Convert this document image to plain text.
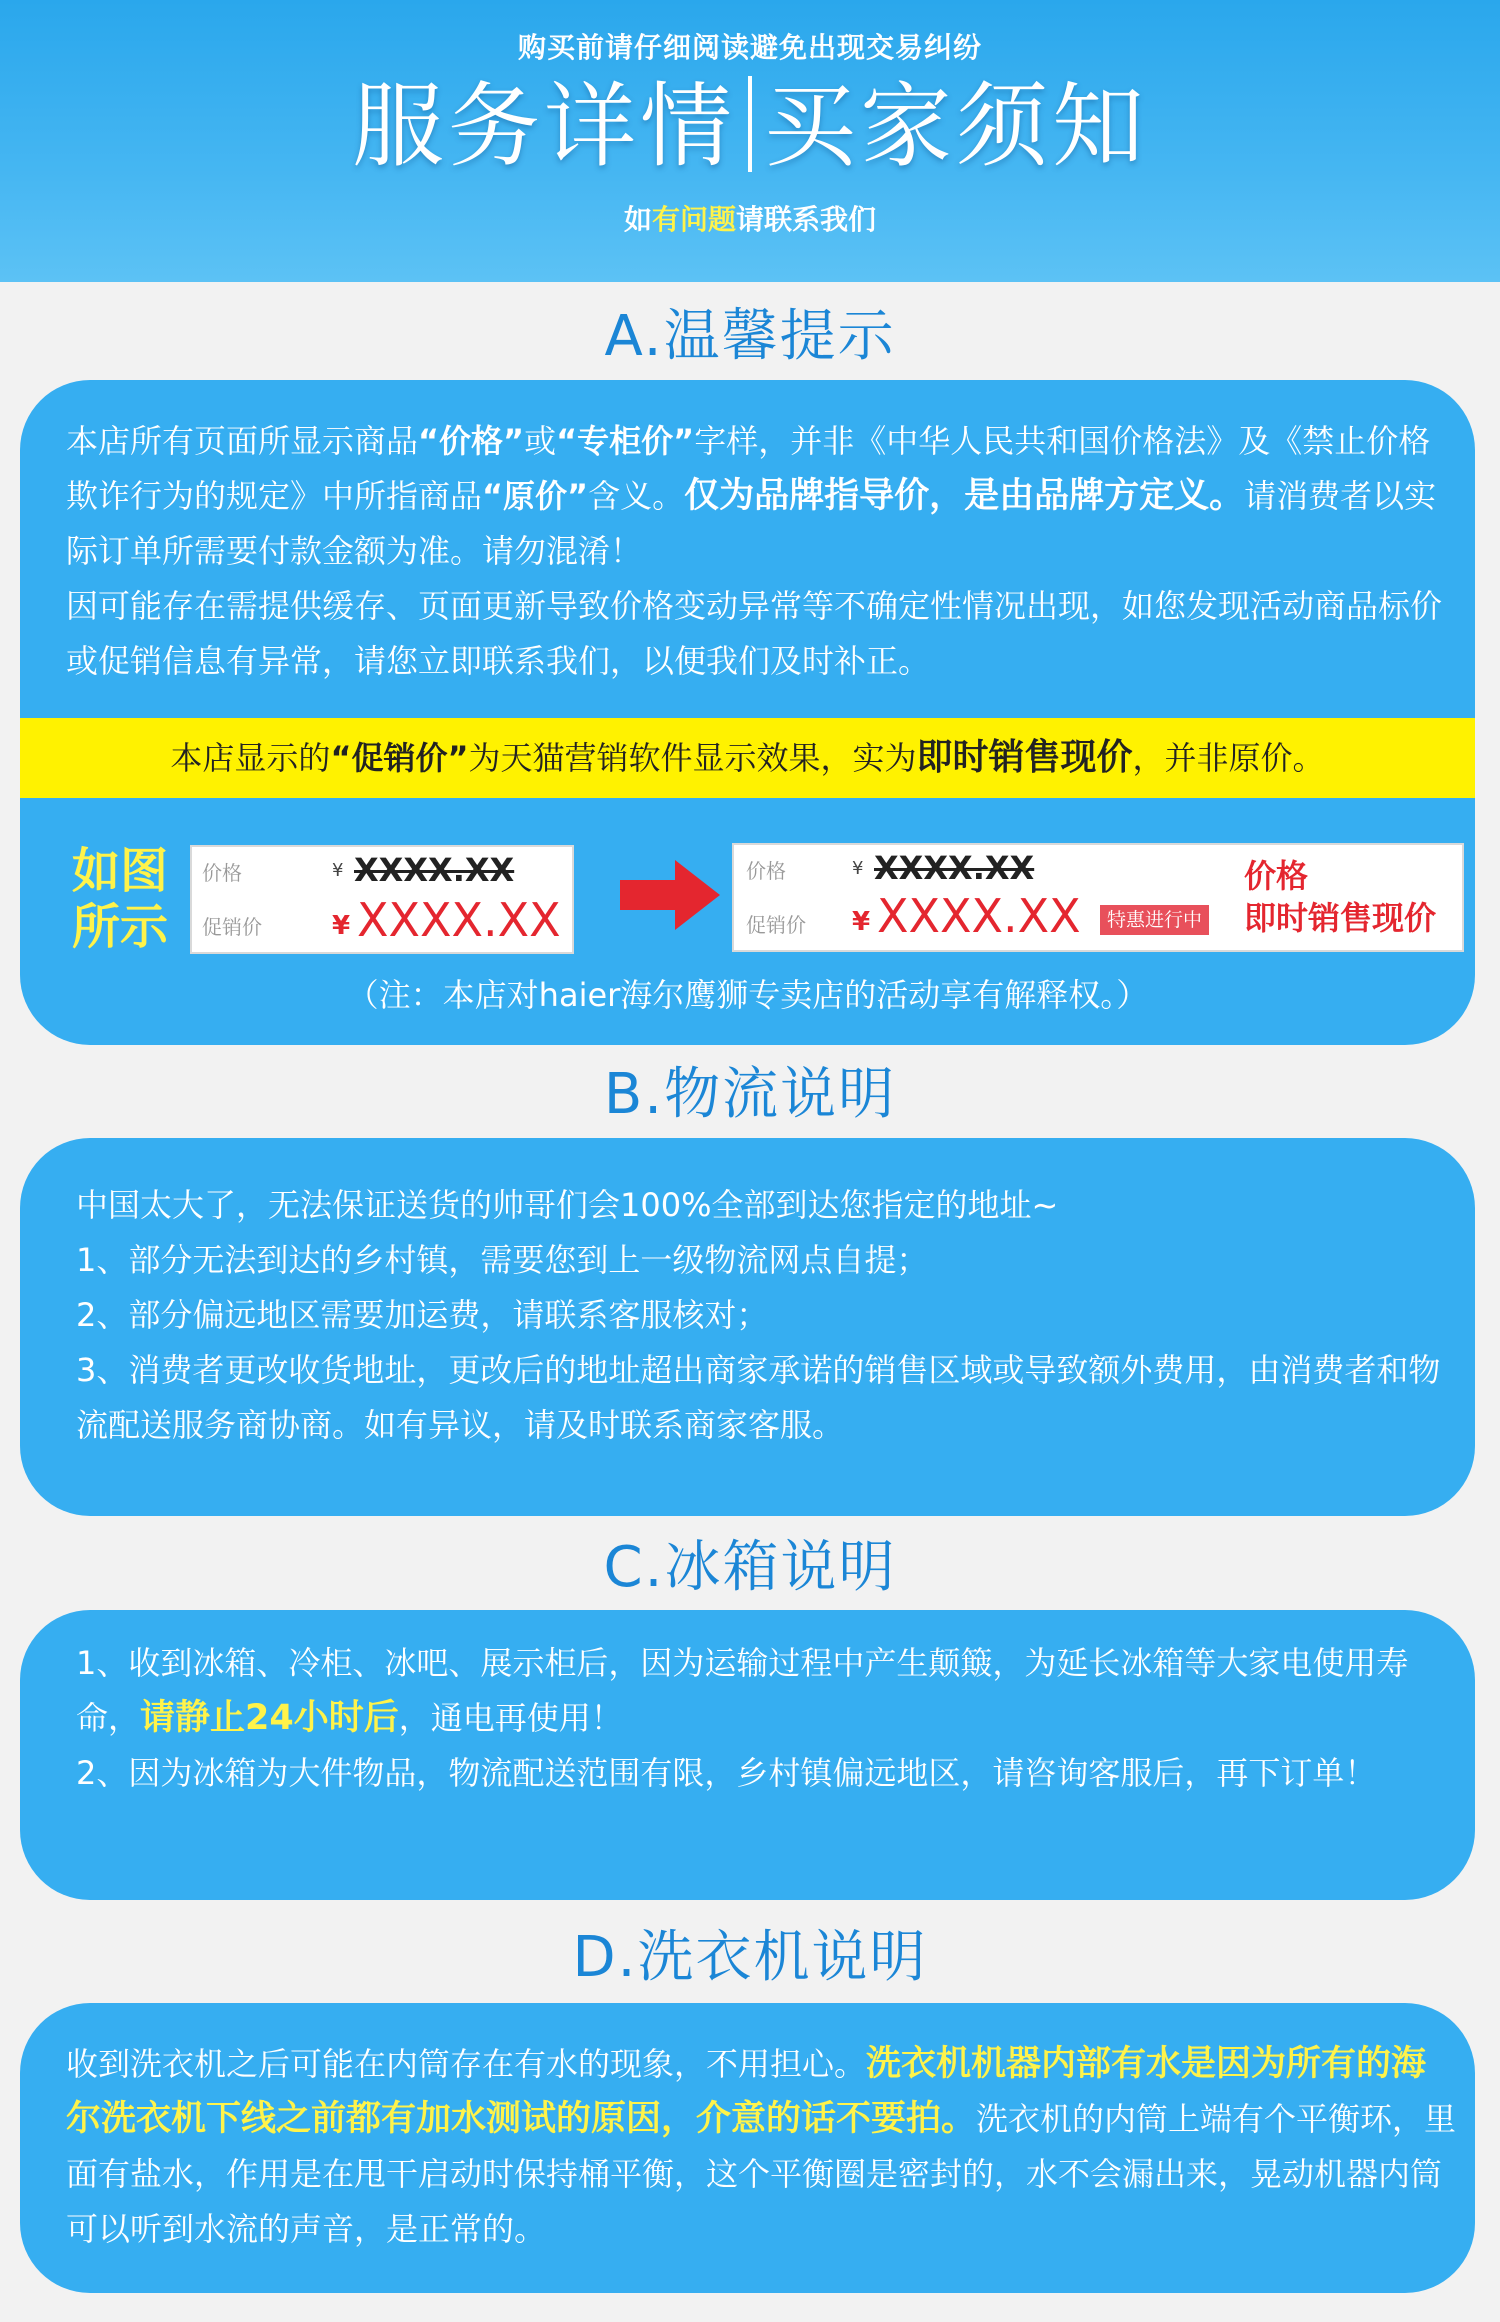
购买前请仔细阅读避免出现交易纠纷
服务详情 买家须知
如有问题请联系我们
A.温馨提示

本店所有页面所显示商品“价格”或“专柜价”字样，并非《中华人民共和国价格法》及《禁止价格欺诈行为的规定》中所指商品“原价”含义。仅为品牌指导价，是由品牌方定义。请消费者以实际订单所需要付款金额为准。请勿混淆！

因可能存在需提供缓存、页面更新导致价格变动异常等不确定性情况出现，如您发现活动商品标价或促销信息有异常，请您立即联系我们，以便我们及时补正。

本店显示的“促销价”为天猫营销软件显示效果，实为即时销售现价，并非原价。
如图
所示
价格	¥ XXXX.XX
促销价	¥ XXXX.XX
价格	¥ XXXX.XX
促销价 ¥ XXXX.XX	特惠进行中
价格
即时销售现价
（注：本店对haier海尔鹰狮专卖店的活动享有解释权。）
B.物流说明

中国太大了，无法保证送货的帅哥们会100%全部到达您指定的地址~

1、部分无法到达的乡村镇，需要您到上一级物流网点自提；

2、部分偏远地区需要加运费，请联系客服核对；

3、消费者更改收货地址，更改后的地址超出商家承诺的销售区域或导致额外费用，由消费者和物流配送服务商协商。如有异议，请及时联系商家客服。

C.冰箱说明

1、收到冰箱、冷柜、冰吧、展示柜后，因为运输过程中产生颠簸，为延长冰箱等大家电使用寿命，请静止24小时后，通电再使用！

2、因为冰箱为大件物品，物流配送范围有限，乡村镇偏远地区，请咨询客服后，再下订单！

D.洗衣机说明

收到洗衣机之后可能在内筒存在有水的现象，不用担心。洗衣机机器内部有水是因为所有的海尔洗衣机下线之前都有加水测试的原因，介意的话不要拍。洗衣机的内筒上端有个平衡环，里面有盐水，作用是在甩干启动时保持桶平衡，这个平衡圈是密封的，水不会漏出来，晃动机器内筒可以听到水流的声音，是正常的。
